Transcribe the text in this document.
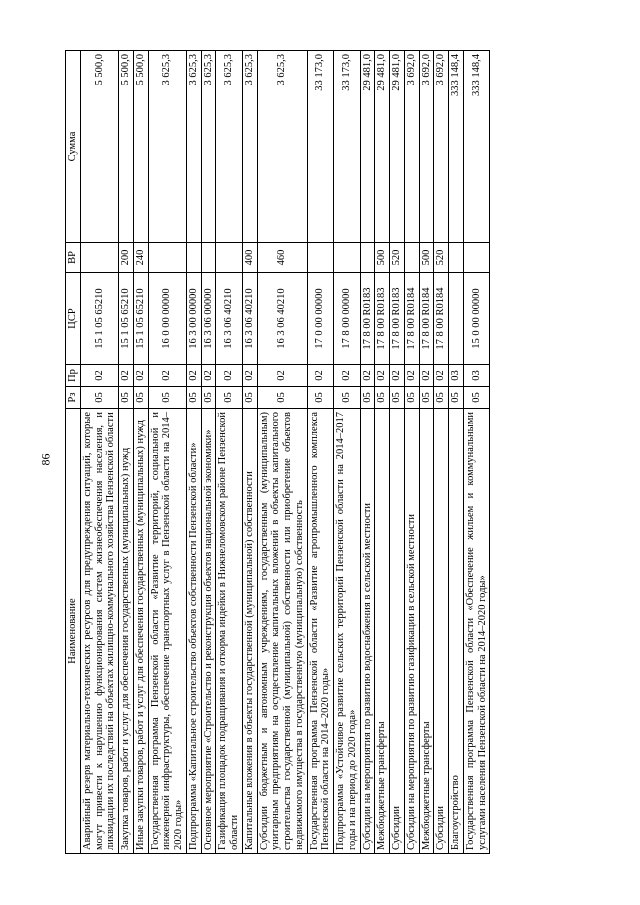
86
Наименование	Рз	Пр	ЦСР	ВР	Сумма
Аварийный резерв материально-технических ресурсов для предупреждения ситуаций, которые могут привести к нарушению функционирования систем жизнеобеспечения населения, и ликвидации их последствий на объектах жилищно-коммунального хозяйства Пензенской области	05	02	15 1 05 65210		5 500,0
Закупка товаров, работ и услуг для обеспечения государственных (муниципальных) нужд	05	02	15 1 05 65210	200	5 500,0
Иные закупки товаров, работ и услуг для обеспечения государственных (муниципальных) нужд	05	02	15 1 05 65210	240	5 500,0
Государственная программа Пензенской области «Развитие территорий, социальной и инженерной инфраструктуры, обеспечение транспортных услуг в Пензенской области на 2014–2020 годы»	05	02	16 0 00 00000		3 625,3
Подпрограмма «Капитальное строительство объектов собственности Пензенской области»	05	02	16 3 00 00000		3 625,3
Основное мероприятие «Строительство и реконструкция объектов национальной экономики»	05	02	16 3 06 00000		3 625,3
Газификация площадок подращивания и откорма индейки в Нижнеломовском районе Пензенской области	05	02	16 3 06 40210		3 625,3
Капитальные вложения в объекты государственной (муниципальной) собственности	05	02	16 3 06 40210	400	3 625,3
Субсидии бюджетным и автономным учреждениям, государственным (муниципальным) унитарным предприятиям на осуществление капитальных вложений в объекты капитального строительства государственной (муниципальной) собственности или приобретение объектов недвижимого имущества в государственную (муниципальную) собственность	05	02	16 3 06 40210	460	3 625,3
Государственная программа Пензенской области «Развитие агропромышленного комплекса Пензенской области на 2014–2020 годы»	05	02	17 0 00 00000		33 173,0
Подпрограмма «Устойчивое развитие сельских территорий Пензенской области на 2014–2017 годы и на период до 2020 года»	05	02	17 8 00 00000		33 173,0
Субсидии на мероприятия по развитию водоснабжения в сельской местности	05	02	17 8 00 R0183		29 481,0
Межбюджетные трансферты	05	02	17 8 00 R0183	500	29 481,0
Субсидии	05	02	17 8 00 R0183	520	29 481,0
Субсидии на мероприятия по развитию газификации в сельской местности	05	02	17 8 00 R0184		3 692,0
Межбюджетные трансферты	05	02	17 8 00 R0184	500	3 692,0
Субсидии	05	02	17 8 00 R0184	520	3 692,0
Благоустройство	05	03			333 148,4
Государственная программа Пензенской области «Обеспечение жильем и коммунальными услугами населения Пензенской области на 2014–2020 годы»	05	03	15 0 00 00000		333 148,4
